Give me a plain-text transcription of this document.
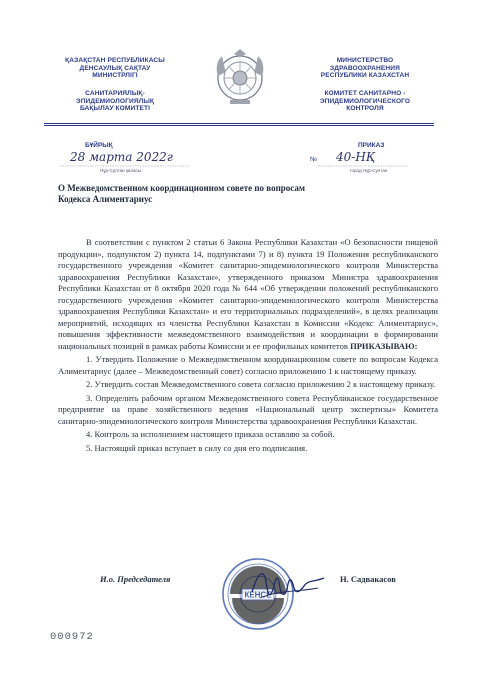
ҚАЗАҚСТАН РЕСПУБЛИКАСЫ
ДЕНСАУЛЫҚ САҚТАУ
МИНИСТРЛІГІ
САНИТАРИЯЛЫҚ-
ЭПИДЕМИОЛОГИЯЛЫҚ
БАҚЫЛАУ КОМИТЕТІ
МИНИСТЕРСТВО
ЗДРАВООХРАНЕНИЯ
РЕСПУБЛИКИ КАЗАХСТАН
КОМИТЕТ САНИТАРНО -
ЭПИДЕМИОЛОГИЧЕСКОГО
КОНТРОЛЯ
БҰЙРЫҚ
28 марта 2022г
Нұр-Сұлтан қаласы
ПРИКАЗ
№ 40-НҚ
город Нур-Султан
О Межведомственном координационном совете по вопросам Кодекса Алиментариус

В соответствии с пунктом 2 статьи 6 Закона Республики Казахстан «О безопасности пищевой продукции», подпунктом 2) пункта 14, подпунктами 7) и 8) пункта 19 Положения республиканского государственного учреждения «Комитет санитарно-эпидемиологического контроля Министерства здравоохранения Республики Казахстан», утвержденного приказом Министра здравоохранения Республики Казахстан от 8 октября 2020 года № 644 «Об утверждении положений республиканского государственного учреждения «Комитет санитарно-эпидемиологического контроля Министерства здравоохранения Республики Казахстан» и его территориальных подразделений», в целях реализации мероприятий, исходящих из членства Республики Казахстан в Комиссии «Кодекс Алиментариус», повышения эффективности межведомственного взаимодействия и координации в формировании национальных позиций в рамках работы Комиссии и ее профильных комитетов ПРИКАЗЫВАЮ:

1. Утвердить Положение о Межведомственном координационном совете по вопросам Кодекса Алиментариус (далее – Межведомственный совет) согласно приложению 1 к настоящему приказу.

2. Утвердить состав Межведомственного совета согласно приложению 2 к настоящему приказу.

3. Определить рабочим органом Межведомственного совета Республиканское государственное предприятие на праве хозяйственного ведения «Национальный центр экспертизы» Комитета санитарно-эпидемиологического контроля Министерства здравоохранения Республики Казахстан.

4. Контроль за исполнением настоящего приказа оставляю за собой.

5. Настоящий приказ вступает в силу со дня его подписания.

И.о. Председателя	Н. Садвакасов
КЕНСЕ
000972
